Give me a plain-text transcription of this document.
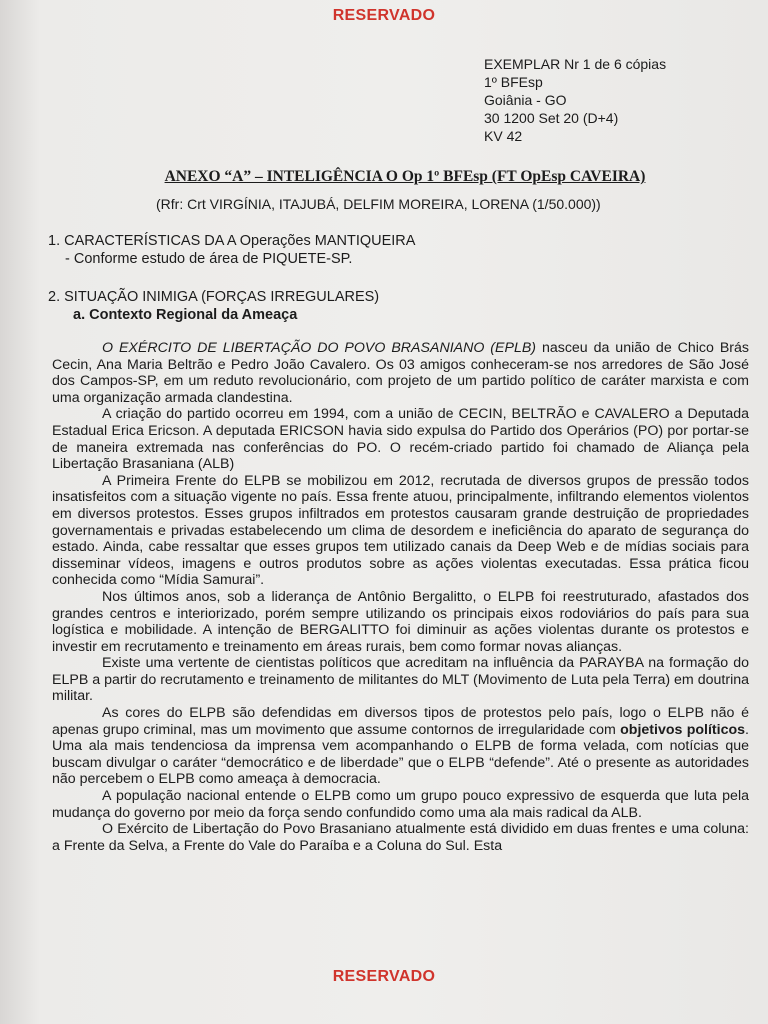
RESERVADO
EXEMPLAR Nr 1 de 6 cópias
1º BFEsp
Goiânia - GO
30 1200 Set 20 (D+4)
KV 42
ANEXO “A” – INTELIGÊNCIA O Op 1º BFEsp (FT OpEsp CAVEIRA)
(Rfr: Crt VIRGÍNIA, ITAJUBÁ, DELFIM MOREIRA, LORENA (1/50.000))
1. CARACTERÍSTICAS DA A Operações MANTIQUEIRA
- Conforme estudo de área de PIQUETE-SP.
2. SITUAÇÃO INIMIGA (FORÇAS IRREGULARES)
a. Contexto Regional da Ameaça

O EXÉRCITO DE LIBERTAÇÃO DO POVO BRASANIANO (EPLB) nasceu da união de Chico Brás Cecin, Ana Maria Beltrão e Pedro João Cavalero. Os 03 amigos conheceram-se nos arredores de São José dos Campos-SP, em um reduto revolucionário, com projeto de um partido político de caráter marxista e com uma organização armada clandestina.

A criação do partido ocorreu em 1994, com a união de CECIN, BELTRÃO e CAVALERO a Deputada Estadual Erica Ericson. A deputada ERICSON havia sido expulsa do Partido dos Operários (PO) por portar-se de maneira extremada nas conferências do PO. O recém-criado partido foi chamado de Aliança pela Libertação Brasaniana (ALB)

A Primeira Frente do ELPB se mobilizou em 2012, recrutada de diversos grupos de pressão todos insatisfeitos com a situação vigente no país. Essa frente atuou, principalmente, infiltrando elementos violentos em diversos protestos. Esses grupos infiltrados em protestos causaram grande destruição de propriedades governamentais e privadas estabelecendo um clima de desordem e ineficiência do aparato de segurança do estado. Ainda, cabe ressaltar que esses grupos tem utilizado canais da Deep Web e de mídias sociais para disseminar vídeos, imagens e outros produtos sobre as ações violentas executadas. Essa prática ficou conhecida como “Mídia Samurai”.

Nos últimos anos, sob a liderança de Antônio Bergalitto, o ELPB foi reestruturado, afastados dos grandes centros e interiorizado, porém sempre utilizando os principais eixos rodoviários do país para sua logística e mobilidade. A intenção de BERGALITTO foi diminuir as ações violentas durante os protestos e investir em recrutamento e treinamento em áreas rurais, bem como formar novas alianças.

Existe uma vertente de cientistas políticos que acreditam na influência da PARAYBA na formação do ELPB a partir do recrutamento e treinamento de militantes do MLT (Movimento de Luta pela Terra) em doutrina militar.

As cores do ELPB são defendidas em diversos tipos de protestos pelo país, logo o ELPB não é apenas grupo criminal, mas um movimento que assume contornos de irregularidade com objetivos políticos. Uma ala mais tendenciosa da imprensa vem acompanhando o ELPB de forma velada, com notícias que buscam divulgar o caráter “democrático e de liberdade” que o ELPB “defende”. Até o presente as autoridades não percebem o ELPB como ameaça à democracia.

A população nacional entende o ELPB como um grupo pouco expressivo de esquerda que luta pela mudança do governo por meio da força sendo confundido como uma ala mais radical da ALB.

O Exército de Libertação do Povo Brasaniano atualmente está dividido em duas frentes e uma coluna: a Frente da Selva, a Frente do Vale do Paraíba e a Coluna do Sul. Esta

RESERVADO
